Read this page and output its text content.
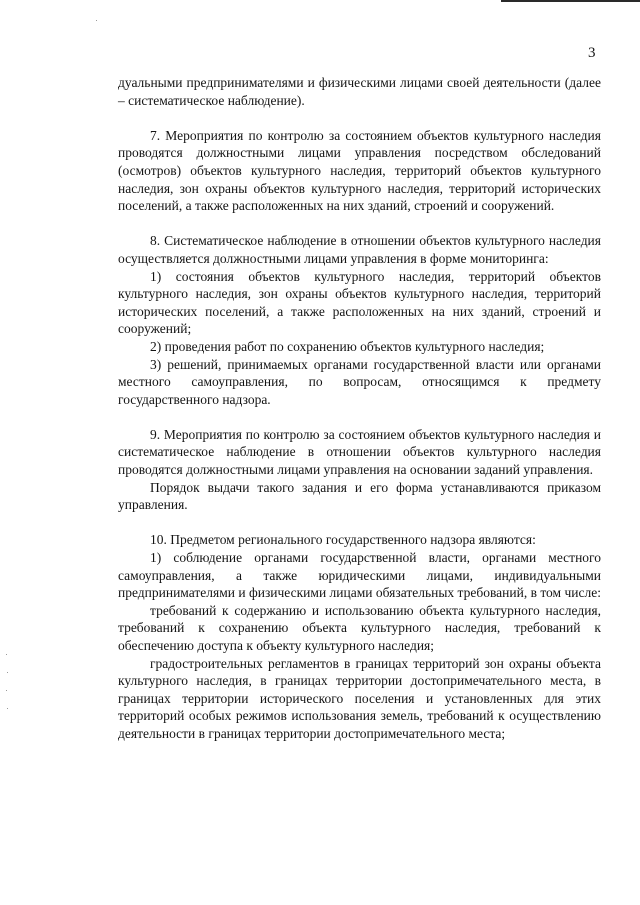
3

дуальными предпринимателями и физическими лицами своей деятельности (далее – систематическое наблюдение).

7. Мероприятия по контролю за состоянием объектов культурного наследия проводятся должностными лицами управления посредством обследований (осмотров) объектов культурного наследия, территорий объектов культурного наследия, зон охраны объектов культурного наследия, территорий исторических поселений, а также расположенных на них зданий, строений и сооружений.

8. Систематическое наблюдение в отношении объектов культурного наследия осуществляется должностными лицами управления в форме мониторинга:

1) состояния объектов культурного наследия, территорий объектов культурного наследия, зон охраны объектов культурного наследия, территорий исторических поселений, а также расположенных на них зданий, строений и сооружений;

2) проведения работ по сохранению объектов культурного наследия;

3) решений, принимаемых органами государственной власти или органами местного самоуправления, по вопросам, относящимся к предмету государственного надзора.

9. Мероприятия по контролю за состоянием объектов культурного наследия и систематическое наблюдение в отношении объектов культурного наследия проводятся должностными лицами управления на основании заданий управления.

Порядок выдачи такого задания и его форма устанавливаются приказом управления.

10. Предметом регионального государственного надзора являются:

1) соблюдение органами государственной власти, органами местного самоуправления, а также юридическими лицами, индивидуальными предпринимателями и физическими лицами обязательных требований, в том числе:

требований к содержанию и использованию объекта культурного наследия, требований к сохранению объекта культурного наследия, требований к обеспечению доступа к объекту культурного наследия;

градостроительных регламентов в границах территорий зон охраны объекта культурного наследия, в границах территории достопримечательного места, в границах территории исторического поселения и установленных для этих территорий особых режимов использования земель, требований к осуществлению деятельности в границах территории достопримечательного места;
